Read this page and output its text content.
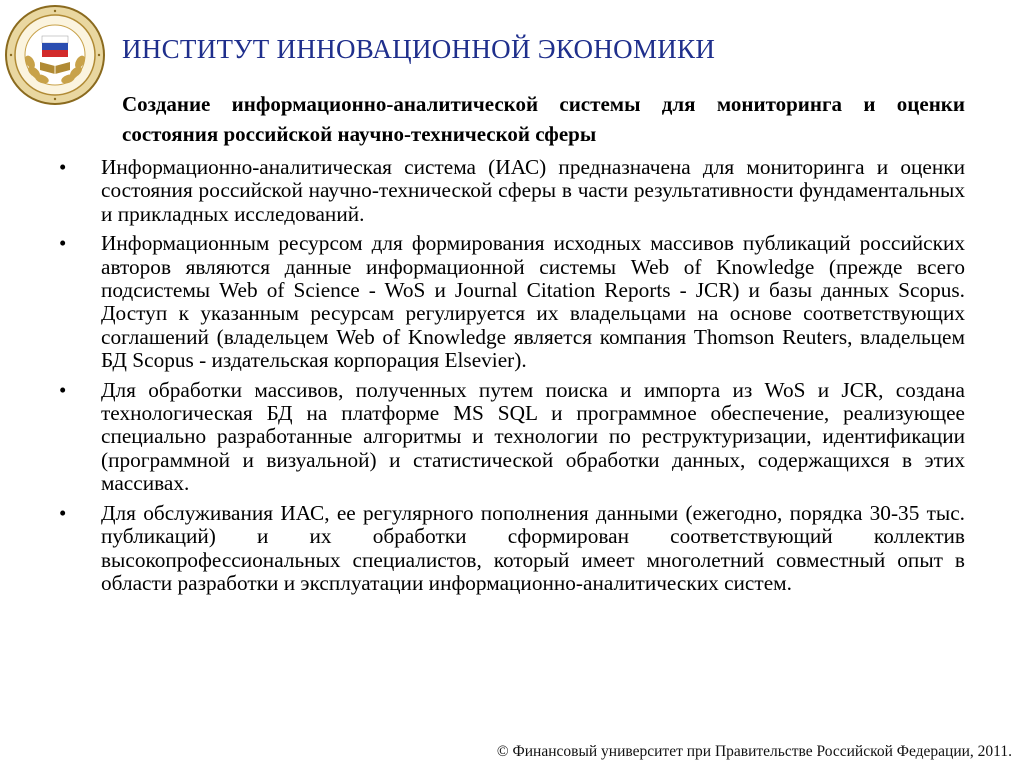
ИНСТИТУТ ИННОВАЦИОННОЙ ЭКОНОМИКИ
Создание информационно-аналитической системы для мониторинга и оценки состояния российской научно-технической сферы
• Информационно-аналитическая система (ИАС) предназначена для мониторинга и оценки состояния российской научно-технической сферы в части результативности фундаментальных и прикладных исследований.
• Информационным ресурсом для формирования исходных массивов публикаций российских авторов являются данные информационной системы Web of Knowledge (прежде всего подсистемы Web of Science - WoS и Journal Citation Reports - JCR) и базы данных Scopus. Доступ к указанным ресурсам регулируется их владельцами на основе соответствующих соглашений (владельцем Web of Knowledge является компания Thomson Reuters, владельцем БД Scopus - издательская корпорация Elsevier).
• Для обработки массивов, полученных путем поиска и импорта из WoS и JCR, создана технологическая БД на платформе MS SQL и программное обеспечение, реализующее специально разработанные алгоритмы и технологии по реструктуризации, идентификации (программной и визуальной) и статистической обработки данных, содержащихся в этих массивах.
• Для обслуживания ИАС, ее регулярного пополнения данными (ежегодно, порядка 30-35 тыс. публикаций) и их обработки сформирован соответствующий коллектив высокопрофессиональных специалистов, который имеет многолетний совместный опыт в области разработки и эксплуатации информационно-аналитических систем.
© Финансовый университет при Правительстве Российской Федерации, 2011.
